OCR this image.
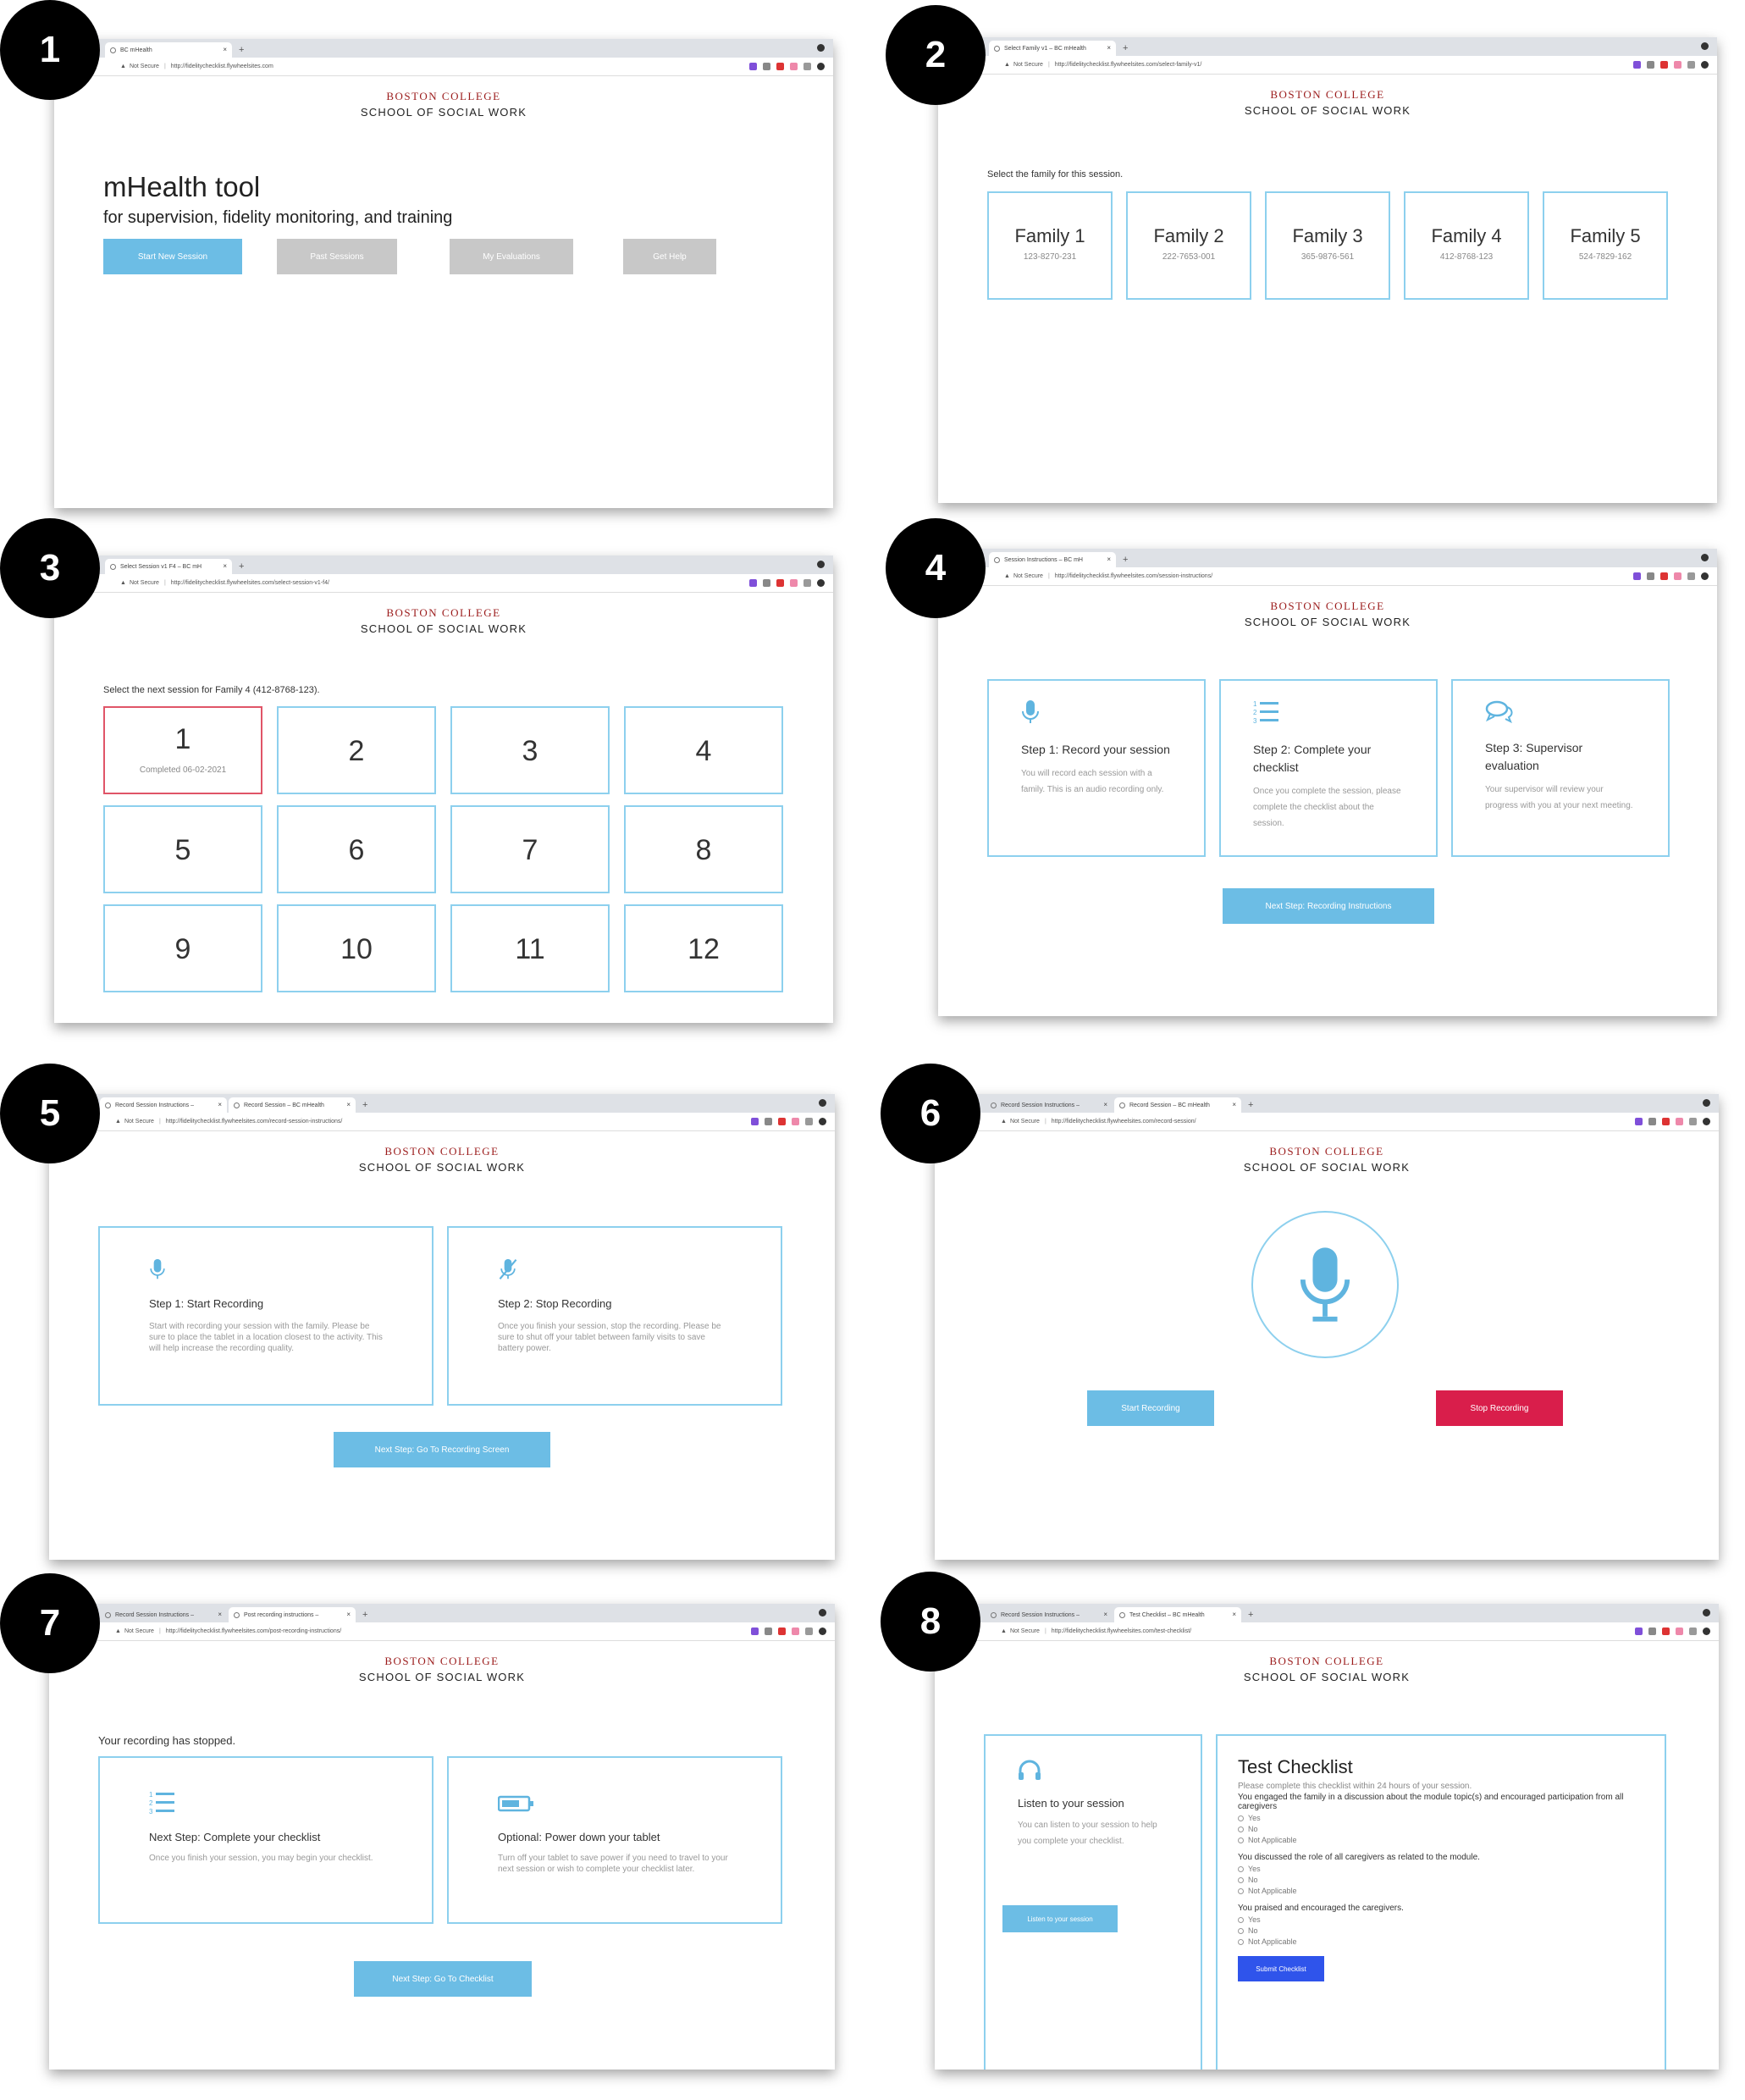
BC mHealth	× +
▲ Not Secure | http://fidelitychecklist.flywheelsites.com
BOSTON COLLEGE
SCHOOL OF SOCIAL WORK
mHealth tool
for supervision, fidelity monitoring, and training
Start New Session	Past Sessions	My Evaluations	Get Help
1	Select Family v1 – BC mHealth	× +
▲ Not Secure | http://fidelitychecklist.flywheelsites.com/select-family-v1/
BOSTON COLLEGE
SCHOOL OF SOCIAL WORK
Select the family for this session.
Family 1
123-8270-231
Family 2
222-7653-001
Family 3
365-9876-561
Family 4
412-8768-123
Family 5
524-7829-162
2
Select Session v1 F4 – BC mH	× +
▲ Not Secure | http://fidelitychecklist.flywheelsites.com/select-session-v1-f4/
BOSTON COLLEGE
SCHOOL OF SOCIAL WORK
Select the next session for Family 4 (412-8768-123).
1
Completed 06-02-2021
2	3	4
5	6	7	8
9	10	11	12
3	Session Instructions – BC mH	× +
▲ Not Secure | http://fidelitychecklist.flywheelsites.com/session-instructions/
BOSTON COLLEGE
SCHOOL OF SOCIAL WORK
Step 1: Record your session

You will record each session with a family. This is an audio recording only.

1
2
3
Step 2: Complete your checklist

Once you complete the session, please complete the checklist about the session.

Step 3: Supervisor evaluation

Your supervisor will review your progress with you at your next meeting.

Next Step: Recording Instructions
4
Record Session Instructions –	×	Record Session – BC mHealth	× +
▲ Not Secure | http://fidelitychecklist.flywheelsites.com/record-session-instructions/
BOSTON COLLEGE
SCHOOL OF SOCIAL WORK
Step 1: Start Recording

Start with recording your session with the family. Please be sure to place the tablet in a location closest to the activity. This will help increase the recording quality.

Step 2: Stop Recording

Once you finish your session, stop the recording. Please be sure to shut off your tablet between family visits to save battery power.

Next Step: Go To Recording Screen
5	Record Session Instructions –	×	Record Session – BC mHealth	× +
▲ Not Secure | http://fidelitychecklist.flywheelsites.com/record-session/
BOSTON COLLEGE
SCHOOL OF SOCIAL WORK
Start Recording	Stop Recording
6
Record Session Instructions –	×	Post recording instructions –	× +
▲ Not Secure | http://fidelitychecklist.flywheelsites.com/post-recording-instructions/
BOSTON COLLEGE
SCHOOL OF SOCIAL WORK
Your recording has stopped.
1
2
3
Next Step: Complete your checklist

Once you finish your session, you may begin your checklist.

Optional: Power down your tablet

Turn off your tablet to save power if you need to travel to your next session or wish to complete your checklist later.

Next Step: Go To Checklist
7	Record Session Instructions –	×	Test Checklist – BC mHealth	× +
▲ Not Secure | http://fidelitychecklist.flywheelsites.com/test-checklist/
BOSTON COLLEGE
SCHOOL OF SOCIAL WORK
Listen to your session

You can listen to your session to help you complete your checklist.

Listen to your session
Test Checklist
Please complete this checklist within 24 hours of your session.
You engaged the family in a discussion about the module topic(s) and encouraged participation from all caregivers
Yes
No
Not Applicable
You discussed the role of all caregivers as related to the module.
Yes
No
Not Applicable
You praised and encouraged the caregivers.
Yes
No
Not Applicable
Submit Checklist
8
